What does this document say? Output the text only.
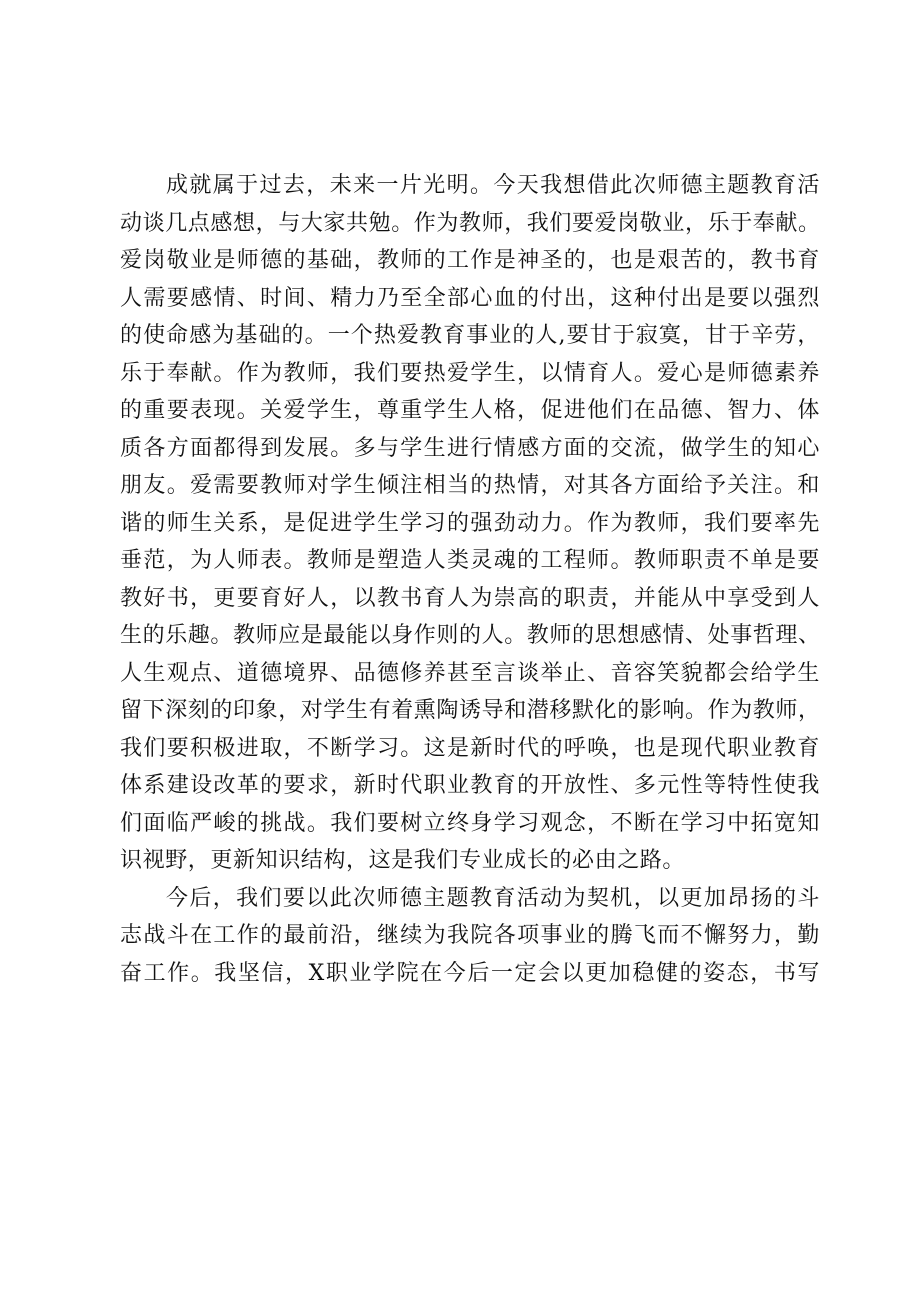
成就属于过去，未来一片光明。今天我想借此次师德主题教育活
动谈几点感想，与大家共勉。作为教师，我们要爱岗敬业，乐于奉献。
爱岗敬业是师德的基础，教师的工作是神圣的，也是艰苦的，教书育
人需要感情、时间、精力乃至全部心血的付出，这种付出是要以强烈
的使命感为基础的。一个热爱教育事业的人,要甘于寂寞，甘于辛劳，
乐于奉献。作为教师，我们要热爱学生，以情育人。爱心是师德素养
的重要表现。关爱学生，尊重学生人格，促进他们在品德、智力、体
质各方面都得到发展。多与学生进行情感方面的交流，做学生的知心
朋友。爱需要教师对学生倾注相当的热情，对其各方面给予关注。和
谐的师生关系，是促进学生学习的强劲动力。作为教师，我们要率先
垂范，为人师表。教师是塑造人类灵魂的工程师。教师职责不单是要
教好书，更要育好人，以教书育人为崇高的职责，并能从中享受到人
生的乐趣。教师应是最能以身作则的人。教师的思想感情、处事哲理、
人生观点、道德境界、品德修养甚至言谈举止、音容笑貌都会给学生
留下深刻的印象，对学生有着熏陶诱导和潜移默化的影响。作为教师，
我们要积极进取，不断学习。这是新时代的呼唤，也是现代职业教育
体系建设改革的要求，新时代职业教育的开放性、多元性等特性使我
们面临严峻的挑战。我们要树立终身学习观念，不断在学习中拓宽知
识视野，更新知识结构，这是我们专业成长的必由之路。
今后，我们要以此次师德主题教育活动为契机，以更加昂扬的斗
志战斗在工作的最前沿，继续为我院各项事业的腾飞而不懈努力，勤
奋工作。我坚信，X职业学院在今后一定会以更加稳健的姿态，书写
